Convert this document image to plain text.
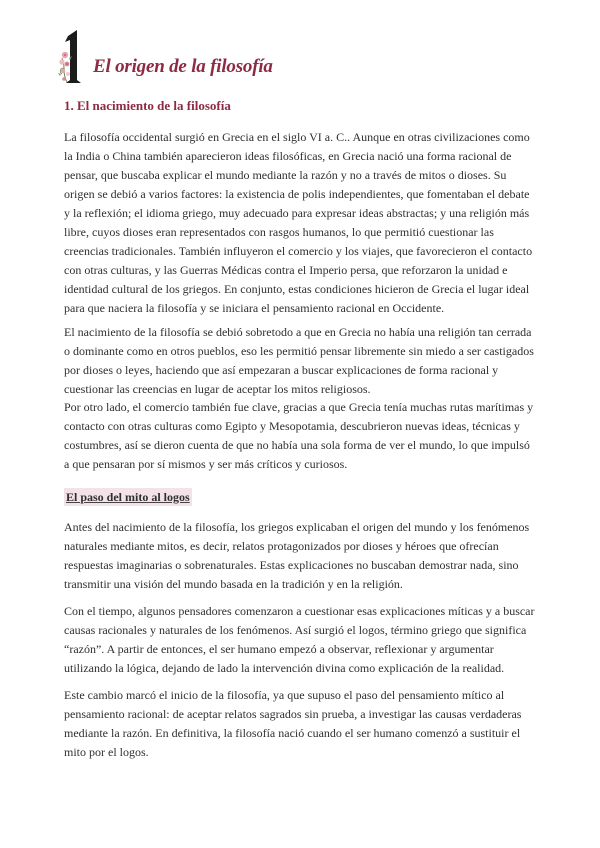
El origen de la filosofía
1. El nacimiento de la filosofía

La filosofía occidental surgió en Grecia en el siglo VI a. C.. Aunque en otras civilizaciones como la India o China también aparecieron ideas filosóficas, en Grecia nació una forma racional de pensar, que buscaba explicar el mundo mediante la razón y no a través de mitos o dioses. Su origen se debió a varios factores: la existencia de polis independientes, que fomentaban el debate y la reflexión; el idioma griego, muy adecuado para expresar ideas abstractas; y una religión más libre, cuyos dioses eran representados con rasgos humanos, lo que permitió cuestionar las creencias tradicionales. También influyeron el comercio y los viajes, que favorecieron el contacto con otras culturas, y las Guerras Médicas contra el Imperio persa, que reforzaron la unidad e identidad cultural de los griegos. En conjunto, estas condiciones hicieron de Grecia el lugar ideal para que naciera la filosofía y se iniciara el pensamiento racional en Occidente.

El nacimiento de la filosofía se debió sobretodo a que en Grecia no había una religión tan cerrada o dominante como en otros pueblos, eso les permitió pensar libremente sin miedo a ser castigados por dioses o leyes, haciendo que así empezaran a buscar explicaciones de forma racional y cuestionar las creencias en lugar de aceptar los mitos religiosos.

Por otro lado, el comercio también fue clave, gracias a que Grecia tenía muchas rutas marítimas y contacto con otras culturas como Egipto y Mesopotamia, descubrieron nuevas ideas, técnicas y costumbres, así se dieron cuenta de que no había una sola forma de ver el mundo, lo que impulsó a que pensaran por sí mismos y ser más críticos y curiosos.

El paso del mito al logos

Antes del nacimiento de la filosofía, los griegos explicaban el origen del mundo y los fenómenos naturales mediante mitos, es decir, relatos protagonizados por dioses y héroes que ofrecían respuestas imaginarias o sobrenaturales. Estas explicaciones no buscaban demostrar nada, sino transmitir una visión del mundo basada en la tradición y en la religión.

Con el tiempo, algunos pensadores comenzaron a cuestionar esas explicaciones míticas y a buscar causas racionales y naturales de los fenómenos. Así surgió el logos, término griego que significa “razón”. A partir de entonces, el ser humano empezó a observar, reflexionar y argumentar utilizando la lógica, dejando de lado la intervención divina como explicación de la realidad.

Este cambio marcó el inicio de la filosofía, ya que supuso el paso del pensamiento mítico al pensamiento racional: de aceptar relatos sagrados sin prueba, a investigar las causas verdaderas mediante la razón. En definitiva, la filosofía nació cuando el ser humano comenzó a sustituir el mito por el logos.
